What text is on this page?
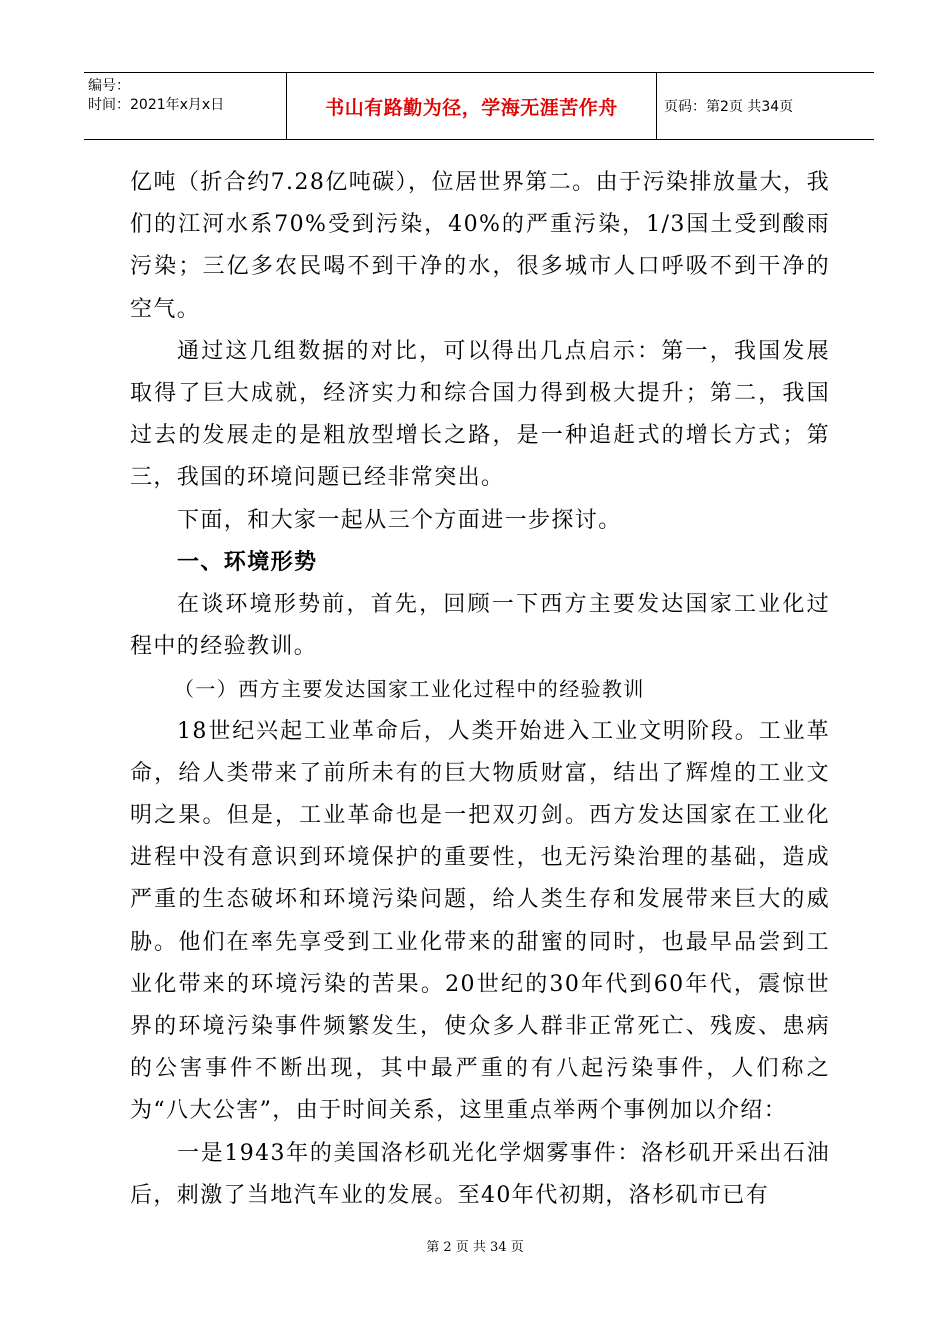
编号：
时间：2021年x月x日	书山有路勤为径，学海无涯苦作舟	页码：第2页 共34页

亿吨（折合约7.28亿吨碳），位居世界第二。由于污染排放量大，我们的江河水系70%受到污染，40%的严重污染，1/3国土受到酸雨污染；三亿多农民喝不到干净的水，很多城市人口呼吸不到干净的空气。

通过这几组数据的对比，可以得出几点启示：第一，我国发展取得了巨大成就，经济实力和综合国力得到极大提升；第二，我国过去的发展走的是粗放型增长之路，是一种追赶式的增长方式；第三，我国的环境问题已经非常突出。

下面，和大家一起从三个方面进一步探讨。

一、环境形势

在谈环境形势前，首先，回顾一下西方主要发达国家工业化过程中的经验教训。

（一）西方主要发达国家工业化过程中的经验教训

18世纪兴起工业革命后，人类开始进入工业文明阶段。工业革命，给人类带来了前所未有的巨大物质财富，结出了辉煌的工业文明之果。但是，工业革命也是一把双刃剑。西方发达国家在工业化进程中没有意识到环境保护的重要性，也无污染治理的基础，造成严重的生态破坏和环境污染问题，给人类生存和发展带来巨大的威胁。他们在率先享受到工业化带来的甜蜜的同时，也最早品尝到工业化带来的环境污染的苦果。20世纪的30年代到60年代，震惊世界的环境污染事件频繁发生，使众多人群非正常死亡、残废、患病的公害事件不断出现，其中最严重的有八起污染事件，人们称之为“八大公害”，由于时间关系，这里重点举两个事例加以介绍：

一是1943年的美国洛杉矶光化学烟雾事件：洛杉矶开采出石油后，刺激了当地汽车业的发展。至40年代初期，洛杉矶市已有

第 2 页 共 34 页
